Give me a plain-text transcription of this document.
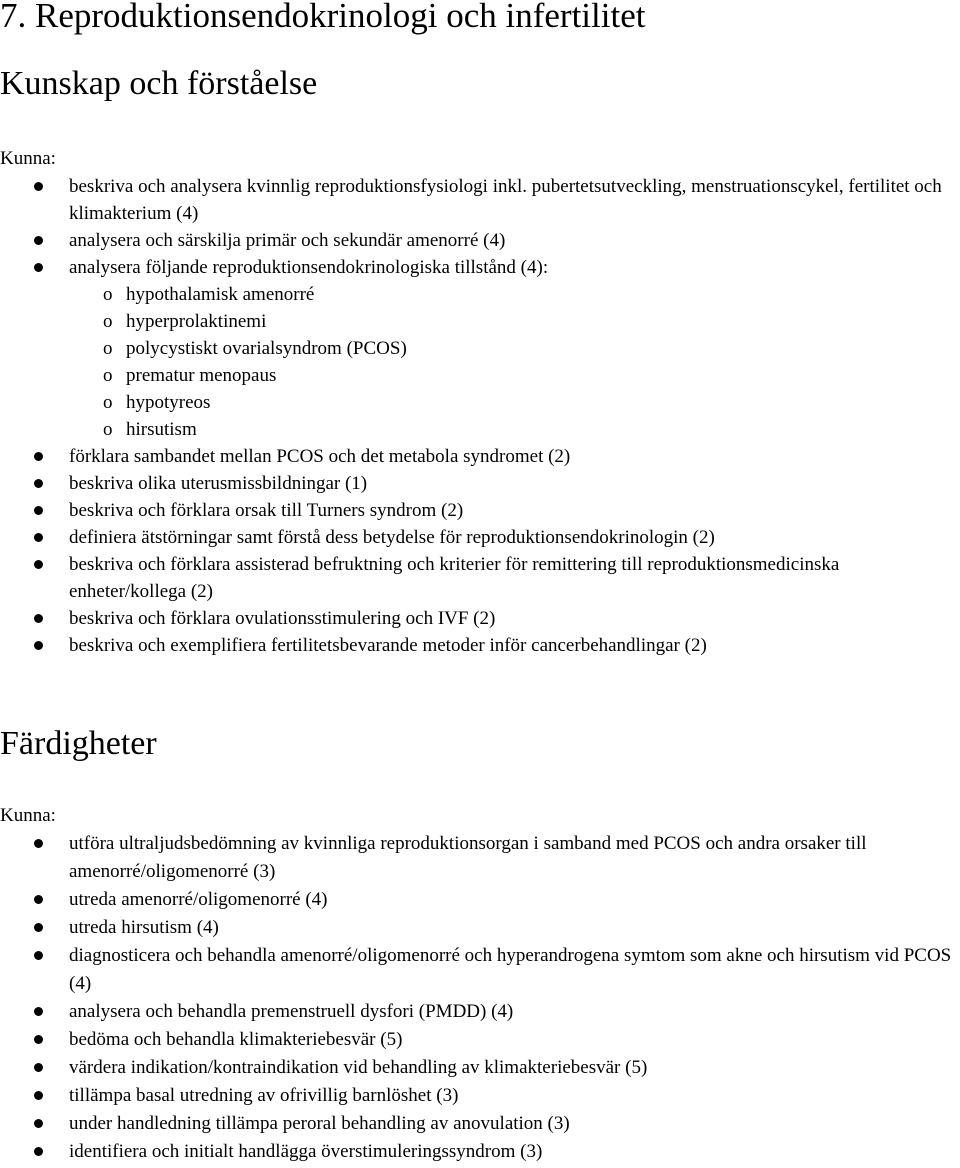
7. Reproduktionsendokrinologi och infertilitet
Kunskap och förståelse
Kunna:
beskriva och analysera kvinnlig reproduktionsfysiologi inkl. pubertetsutveckling, menstruationscykel, fertilitet och klimakterium (4)
analysera och särskilja primär och sekundär amenorré (4)
analysera följande reproduktionsendokrinologiska tillstånd (4):
o hypothalamisk amenorré
o hyperprolaktinemi
o polycystiskt ovarialsyndrom (PCOS)
o prematur menopaus
o hypotyreos
o hirsutism
förklara sambandet mellan PCOS och det metabola syndromet (2)
beskriva olika uterusmissbildningar (1)
beskriva och förklara orsak till Turners syndrom (2)
definiera ätstörningar samt förstå dess betydelse för reproduktionsendokrinologin (2)
beskriva och förklara assisterad befruktning och kriterier för remittering till reproduktionsmedicinska enheter/kollega (2)
beskriva och förklara ovulationsstimulering och IVF (2)
beskriva och exemplifiera fertilitetsbevarande metoder inför cancerbehandlingar (2)
Färdigheter
Kunna:
utföra ultraljudsbedömning av kvinnliga reproduktionsorgan i samband med PCOS och andra orsaker till amenorré/oligomenorré (3)
utreda amenorré/oligomenorré (4)
utreda hirsutism (4)
diagnosticera och behandla amenorré/oligomenorré och hyperandrogena symtom som akne och hirsutism vid PCOS (4)
analysera och behandla premenstruell dysfori (PMDD) (4)
bedöma och behandla klimakteriebesvär (5)
värdera indikation/kontraindikation vid behandling av klimakteriebesvär (5)
tillämpa basal utredning av ofrivillig barnlöshet (3)
under handledning tillämpa peroral behandling av anovulation (3)
identifiera och initialt handlägga överstimuleringssyndrom (3)
